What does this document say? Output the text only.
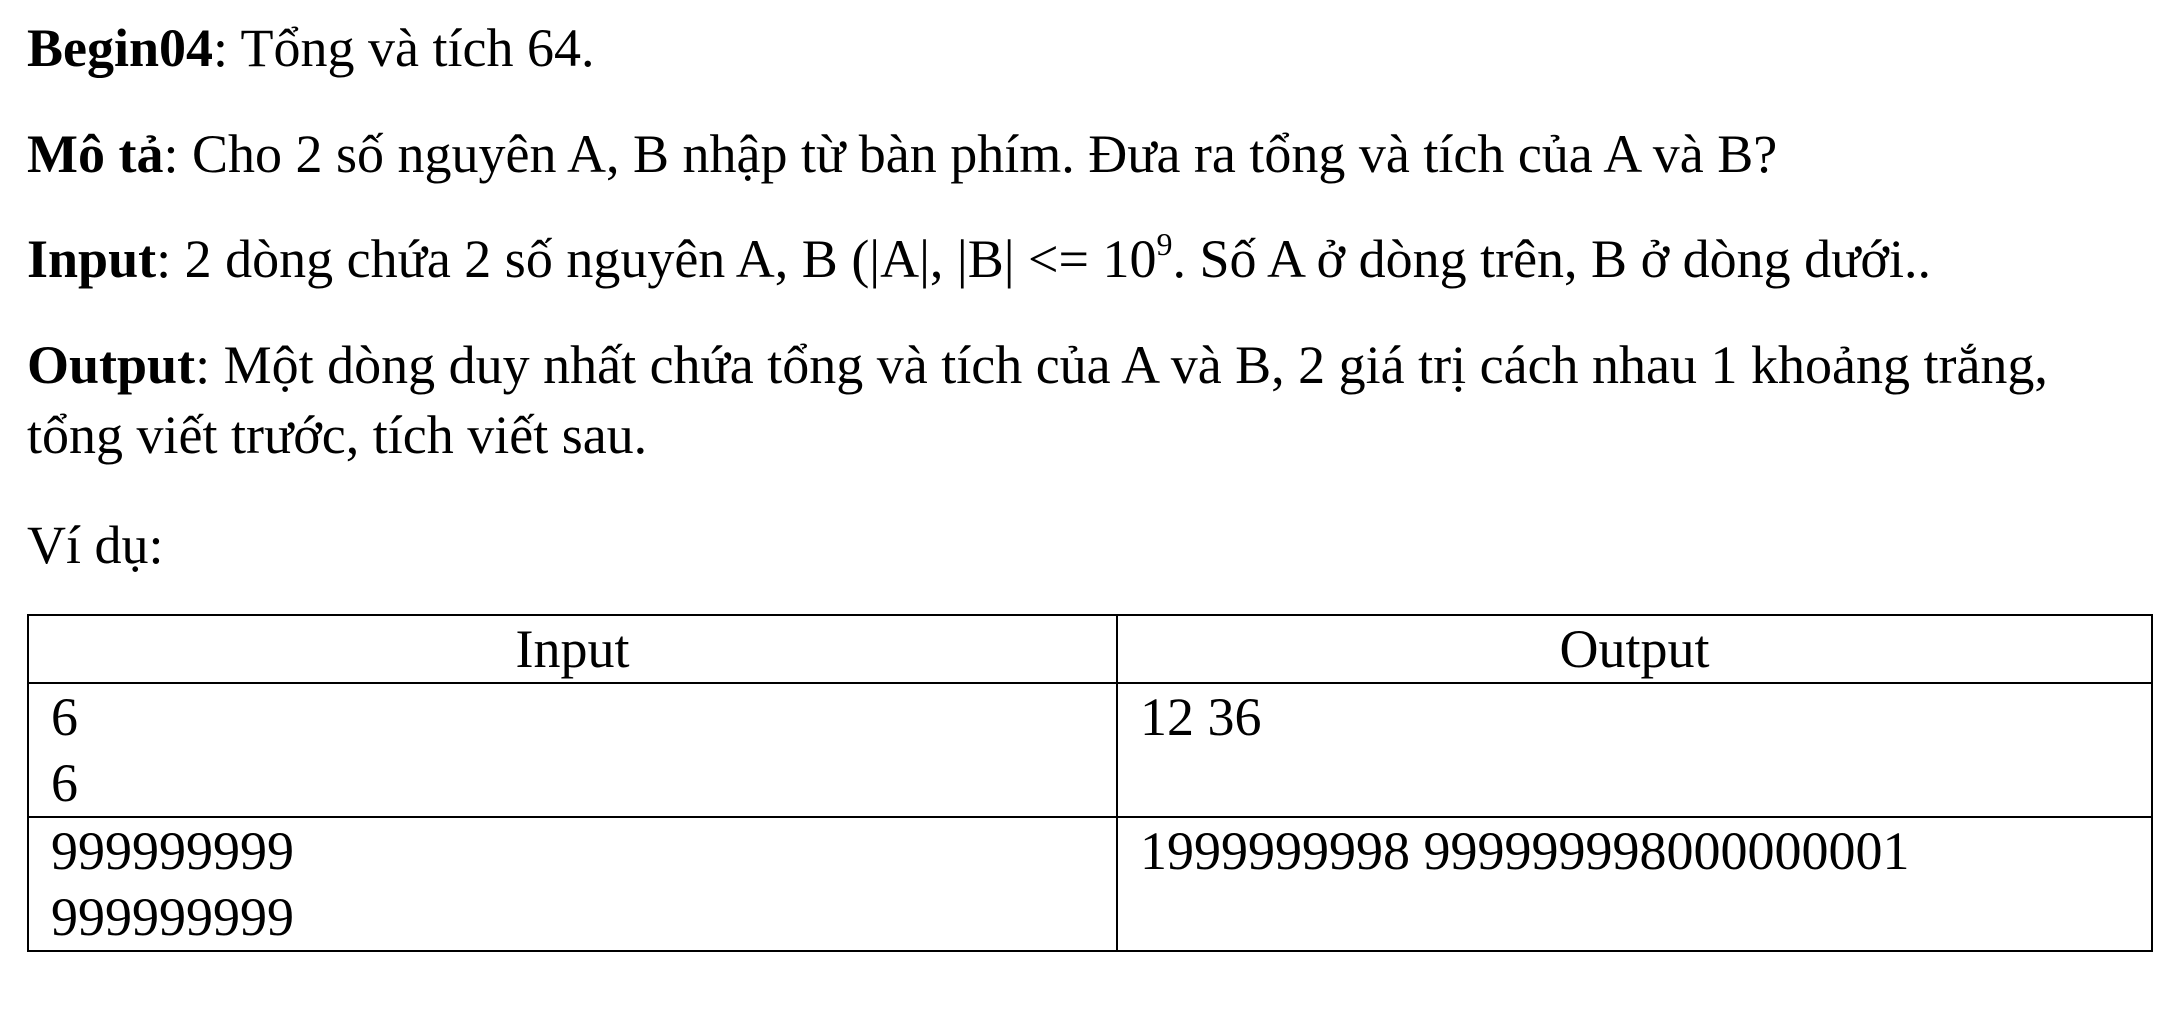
Begin04: Tổng và tích 64.

Mô tả: Cho 2 số nguyên A, B nhập từ bàn phím. Đưa ra tổng và tích của A và B?

Input: 2 dòng chứa 2 số nguyên A, B (|A|, $|B| <= 10^9$. Số A ở dòng trên, B ở dòng dưới..

Output: Một dòng duy nhất chứa tổng và tích của A và B, 2 giá trị cách nhau 1 khoảng trắng, tổng viết trước, tích viết sau.

Ví dụ:

Input	Output

6
6	12 36

999999999
999999999	1999999998 999999998000000001
